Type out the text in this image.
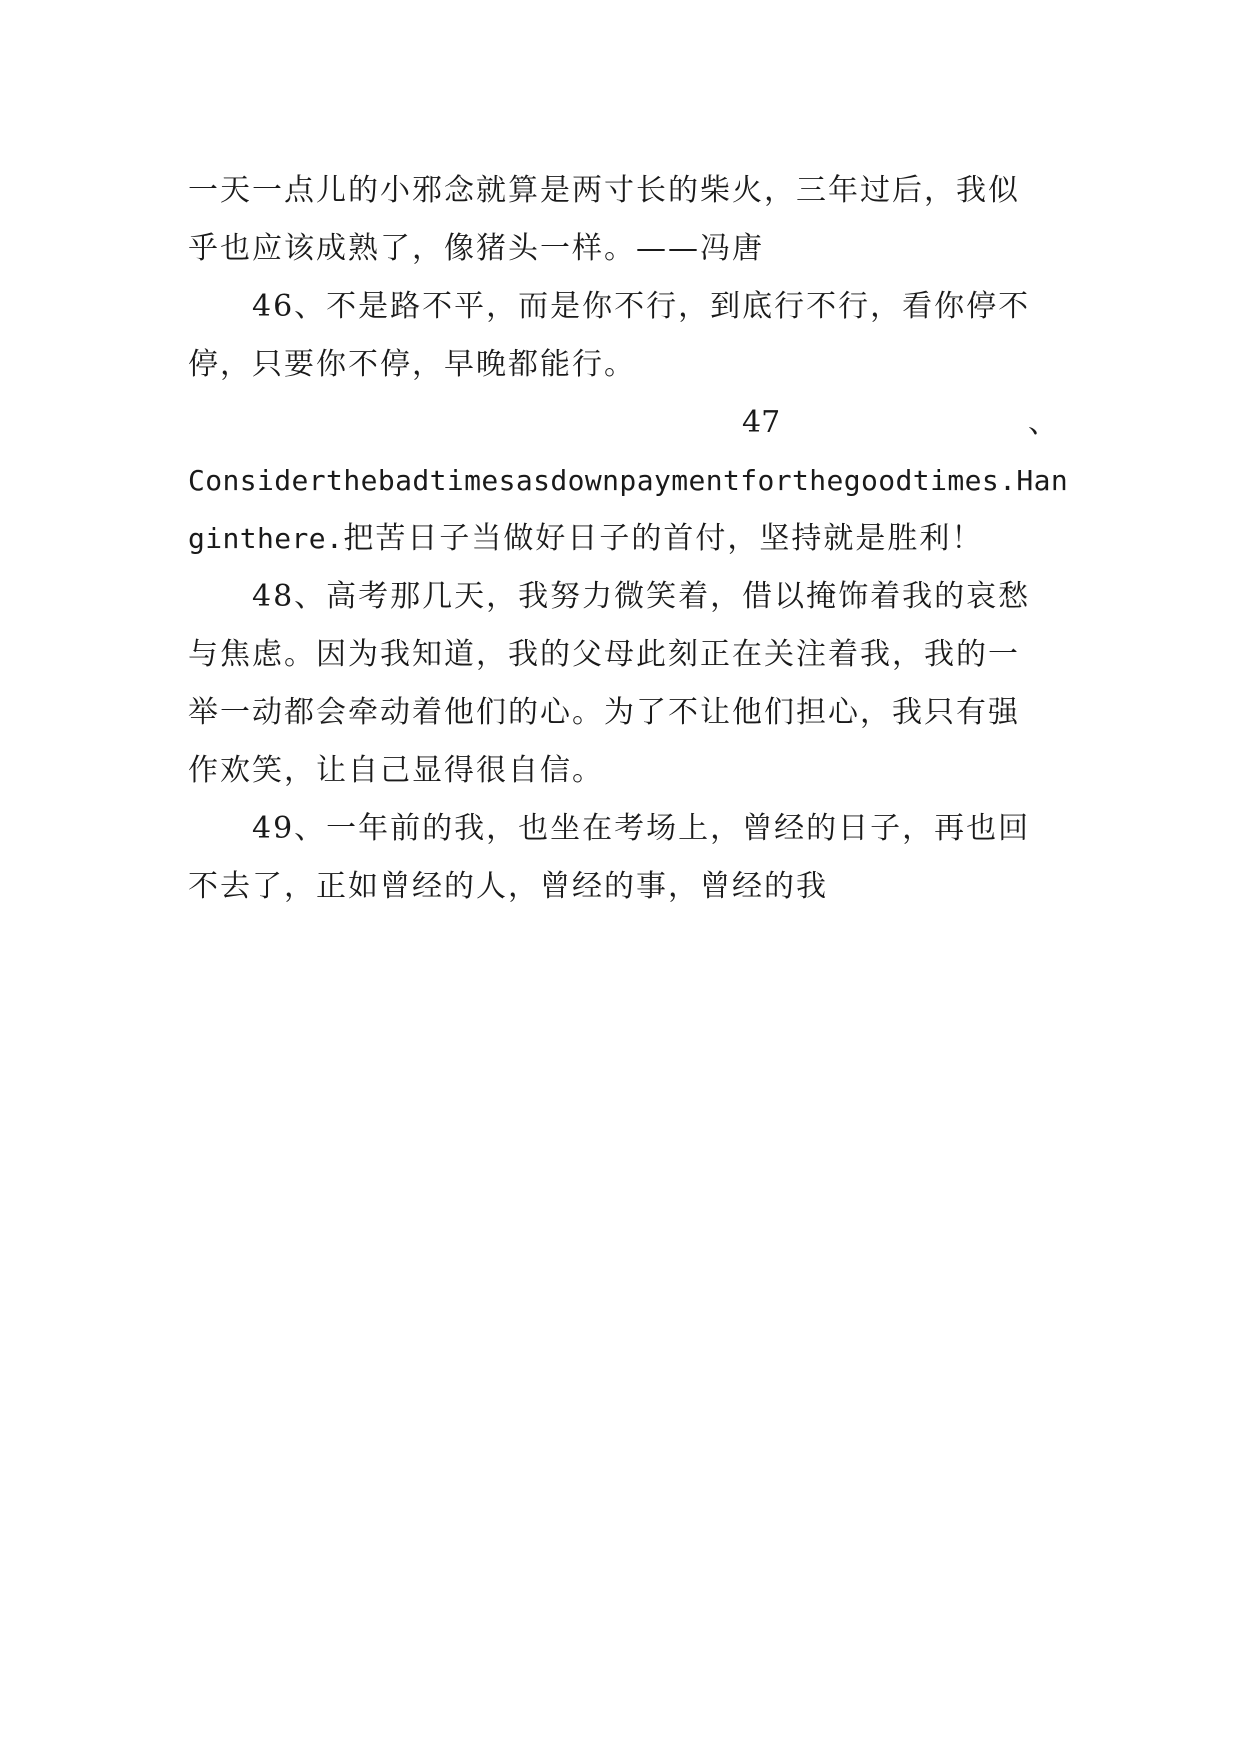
一天一点儿的小邪念就算是两寸长的柴火，三年过后，我似
乎也应该成熟了，像猪头一样。——冯唐
46、不是路不平，而是你不行，到底行不行，看你停不
停，只要你不停，早晚都能行。
47	、
Considerthebadtimesasdownpaymentforthegoodtimes.Han
ginthere.把苦日子当做好日子的首付，坚持就是胜利！
48、高考那几天，我努力微笑着，借以掩饰着我的哀愁
与焦虑。因为我知道，我的父母此刻正在关注着我，我的一
举一动都会牵动着他们的心。为了不让他们担心，我只有强
作欢笑，让自己显得很自信。
49、一年前的我，也坐在考场上，曾经的日子，再也回
不去了，正如曾经的人，曾经的事，曾经的我
